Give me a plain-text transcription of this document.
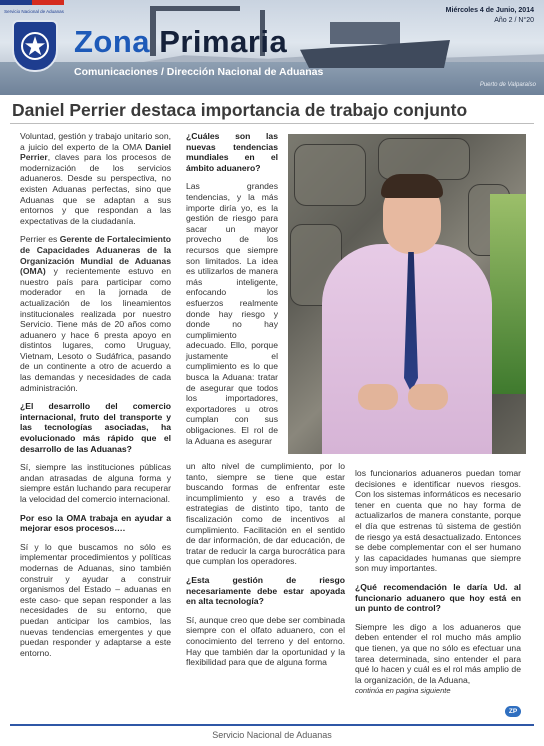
Servicio Nacional de Aduanas
★ Zona Primaria
Comunicaciones / Dirección Nacional de Aduanas
Miércoles 4 de Junio, 2014
Año 2 / N°20
Puerto de Valparaíso
Daniel Perrier destaca importancia de trabajo conjunto

Voluntad, gestión y trabajo unitario son, a juicio del experto de la OMA Daniel Perrier, claves para los procesos de modernización de los servicios aduaneros. Desde su perspectiva, no existen Aduanas perfectas, sino que Aduanas que se adaptan a sus entornos y que respondan a las expectativas de la ciudadanía.

Perrier es Gerente de Fortalecimiento de Capacidades Aduaneras de la Organización Mundial de Aduanas (OMA) y recientemente estuvo en nuestro país para participar como moderador en la jornada de actualización de los lineamientos institucionales realizada por nuestro Servicio. Tiene más de 20 años como aduanero y hace 6 presta apoyo en distintos lugares, como Uruguay, Vietnam, Lesoto o Sudáfrica, pasando de un continente a otro de acuerdo a las demandas y necesidades de cada administración.

¿El desarrollo del comercio internacional, fruto del transporte y las tecnologías asociadas, ha evolucionado más rápido que el desarrollo de las Aduanas?

Sí, siempre las instituciones públicas andan atrasadas de alguna forma y siempre están luchando para recuperar la velocidad del comercio internacional.

Por eso la OMA trabaja en ayudar a mejorar esos procesos….

Sí y lo que buscamos no sólo es implementar procedimientos y políticas modernas de Aduanas, sino también construir y ayudar a construir organismos del Estado – aduanas en este caso- que sepan responder a las necesidades de su entorno, que puedan anticipar los cambios, las nuevas tendencias emergentes y que puedan responder y adaptarse a este entorno.

¿Cuáles son las nuevas tendencias mundiales en el ámbito aduanero?

Las grandes tendencias, y la más importe diría yo, es la gestión de riesgo para sacar un mayor provecho de los recursos que siempre son limitados. La idea es utilizarlos de manera más inteligente, enfocando los esfuerzos realmente donde hay riesgo y donde no hay cumplimiento adecuado. Ello, porque justamente el cumplimiento es lo que busca la Aduana: tratar de asegurar que todos los importadores, exportadores u otros cumplan con sus obligaciones. El rol de la Aduana es asegurar

un alto nivel de cumplimiento, por lo tanto, siempre se tiene que estar buscando formas de enfrentar este incumplimiento y eso a través de estrategias de distinto tipo, tanto de fiscalización como de incentivos al cumplimiento. Facilitación en el sentido de dar información, de dar educación, de tratar de reducir la carga burocrática para que cumplan los operadores.

¿Esta gestión de riesgo necesariamente debe estar apoyada en alta tecnología?

Sí, aunque creo que debe ser combinada siempre con el olfato aduanero, con el conocimiento del terreno y del entorno. Hay que también dar la oportunidad y la flexibilidad para que de alguna forma

los funcionarios aduaneros puedan tomar decisiones e identificar nuevos riesgos. Con los sistemas informáticos es necesario tener en cuenta que no hay forma de actualizarlos de manera constante, porque el día que estrenas tú sistema de gestión de riesgo ya está desactualizado. Entonces se debe complementar con el ser humano y las capacidades humanas que siempre son muy importantes.

¿Qué recomendación le daría Ud. al funcionario aduanero que hoy está en un punto de control?

Siempre les digo a los aduaneros que deben entender el rol mucho más amplio que tienen, ya que no sólo es efectuar una tarea determinada, sino entender el para qué lo hacen y cuál es el rol más amplio de la organización, de la Aduana,
continúa en pagina siguiente

ZP
Servicio Nacional de Aduanas
